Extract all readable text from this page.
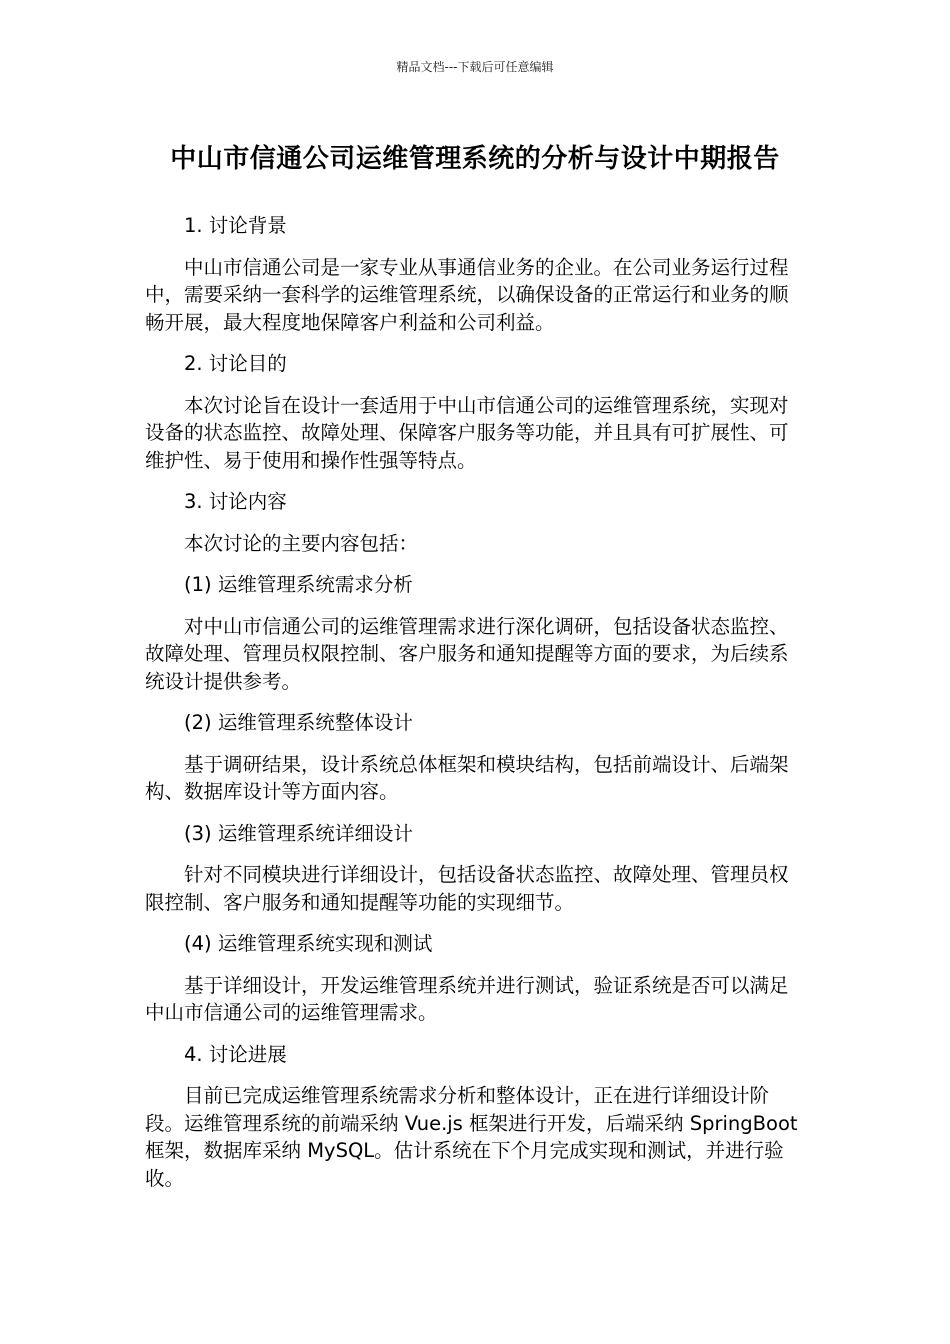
精品文档---下载后可任意编辑
中山市信通公司运维管理系统的分析与设计中期报告

1. 讨论背景

中山市信通公司是一家专业从事通信业务的企业。在公司业务运行过程中，需要采纳一套科学的运维管理系统，以确保设备的正常运行和业务的顺畅开展，最大程度地保障客户利益和公司利益。

2. 讨论目的

本次讨论旨在设计一套适用于中山市信通公司的运维管理系统，实现对设备的状态监控、故障处理、保障客户服务等功能，并且具有可扩展性、可维护性、易于使用和操作性强等特点。

3. 讨论内容

本次讨论的主要内容包括：

(1) 运维管理系统需求分析

对中山市信通公司的运维管理需求进行深化调研，包括设备状态监控、故障处理、管理员权限控制、客户服务和通知提醒等方面的要求，为后续系统设计提供参考。

(2) 运维管理系统整体设计

基于调研结果，设计系统总体框架和模块结构，包括前端设计、后端架构、数据库设计等方面内容。

(3) 运维管理系统详细设计

针对不同模块进行详细设计，包括设备状态监控、故障处理、管理员权限控制、客户服务和通知提醒等功能的实现细节。

(4) 运维管理系统实现和测试

基于详细设计，开发运维管理系统并进行测试，验证系统是否可以满足中山市信通公司的运维管理需求。

4. 讨论进展

目前已完成运维管理系统需求分析和整体设计，正在进行详细设计阶段。运维管理系统的前端采纳 Vue.js 框架进行开发，后端采纳 SpringBoot 框架，数据库采纳 MySQL。估计系统在下个月完成实现和测试，并进行验收。
